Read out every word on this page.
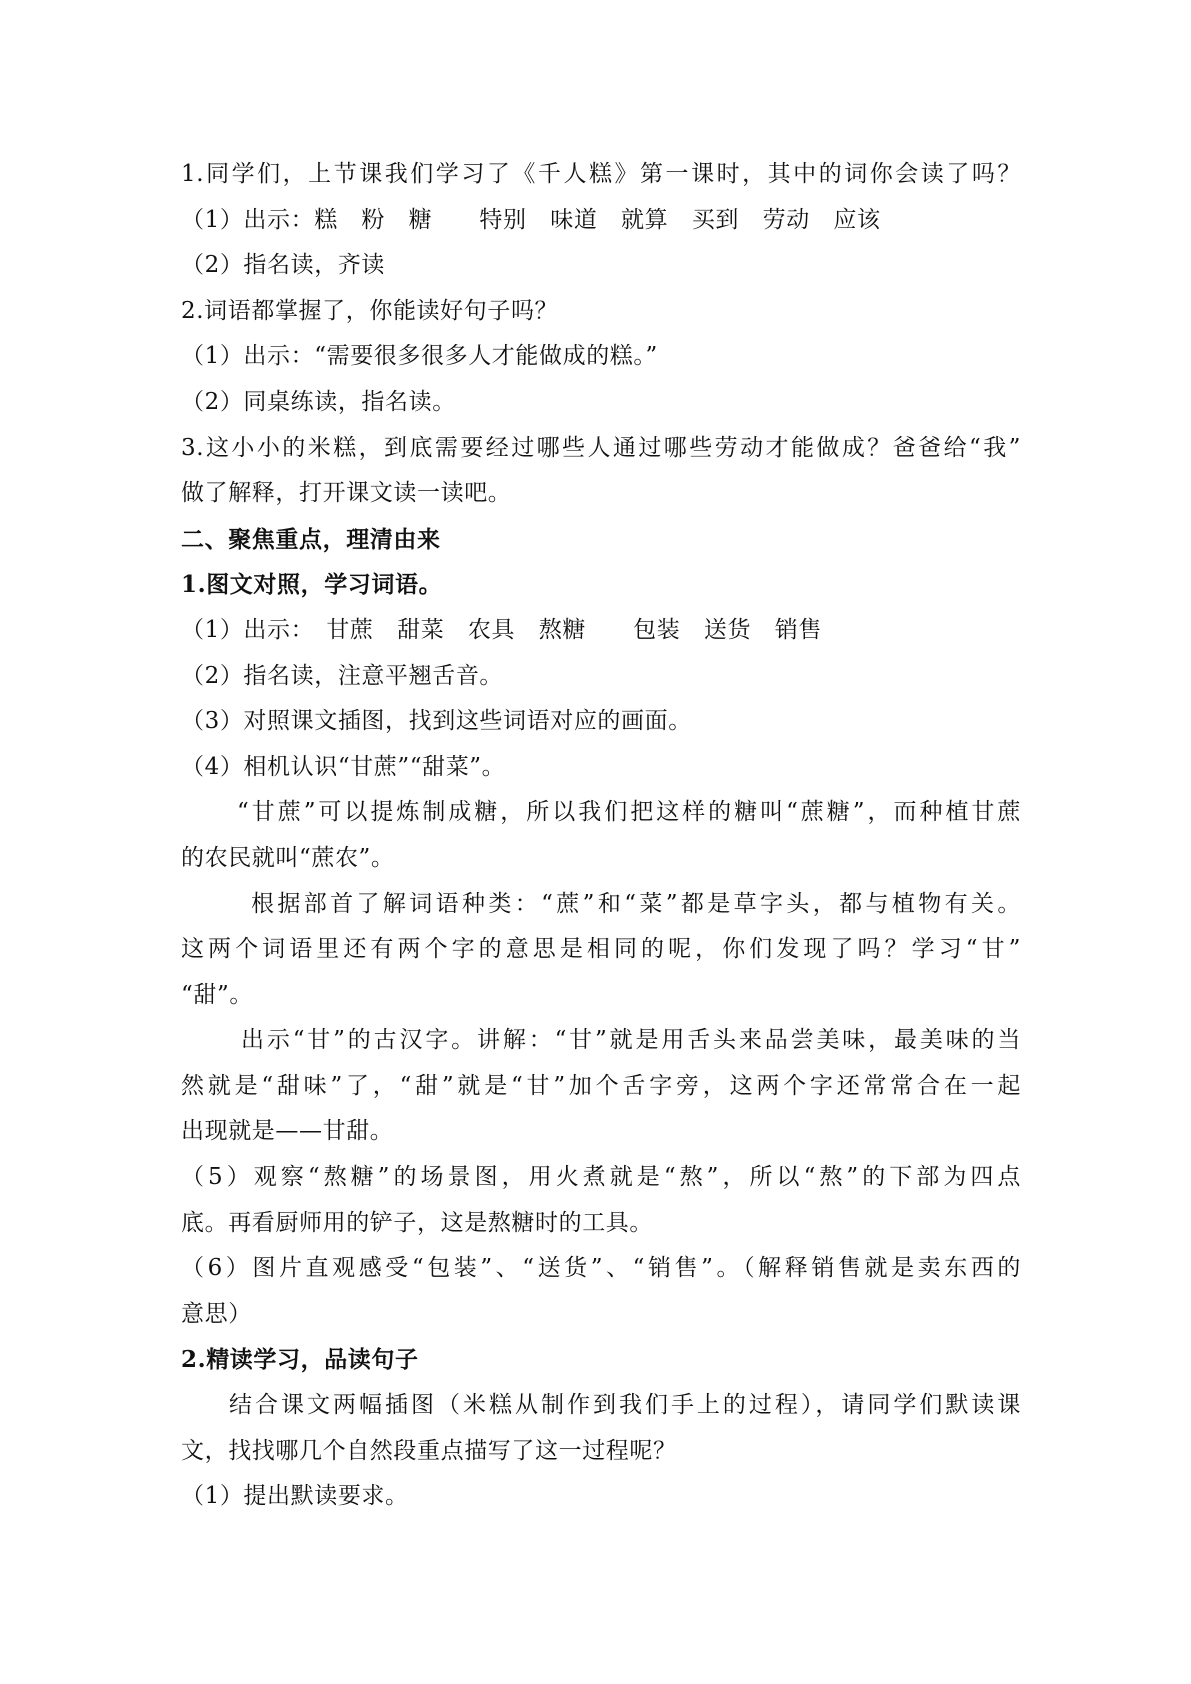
1.同学们，上节课我们学习了《千人糕》第一课时，其中的词你会读了吗？
（1）出示：糕　粉　糖　　特别　味道　就算　买到　劳动　应该
（2）指名读，齐读
2.词语都掌握了，你能读好句子吗？
（1）出示：“需要很多很多人才能做成的糕。”
（2）同桌练读，指名读。
3.这小小的米糕，到底需要经过哪些人通过哪些劳动才能做成？爸爸给“我”
做了解释，打开课文读一读吧。
二、聚焦重点，理清由来
1.图文对照，学习词语。
（1）出示：　甘蔗　甜菜　农具　熬糖　　包装　送货　销售
（2）指名读，注意平翘舌音。
（3）对照课文插图，找到这些词语对应的画面。
（4）相机认识“甘蔗”“甜菜”。
“甘蔗”可以提炼制成糖，所以我们把这样的糖叫“蔗糖”，而种植甘蔗
的农民就叫“蔗农”。
根据部首了解词语种类：“蔗”和“菜”都是草字头，都与植物有关。
这两个词语里还有两个字的意思是相同的呢，你们发现了吗？学习“甘”
“甜”。
出示“甘”的古汉字。讲解：“甘”就是用舌头来品尝美味，最美味的当
然就是“甜味”了，“甜”就是“甘”加个舌字旁，这两个字还常常合在一起
出现就是——甘甜。
（5）观察“熬糖”的场景图，用火煮就是“熬”，所以“熬”的下部为四点
底。再看厨师用的铲子，这是熬糖时的工具。
（6）图片直观感受“包装”、“送货”、“销售”。（解释销售就是卖东西的
意思）
2.精读学习，品读句子
结合课文两幅插图（米糕从制作到我们手上的过程），请同学们默读课
文，找找哪几个自然段重点描写了这一过程呢？
（1）提出默读要求。
